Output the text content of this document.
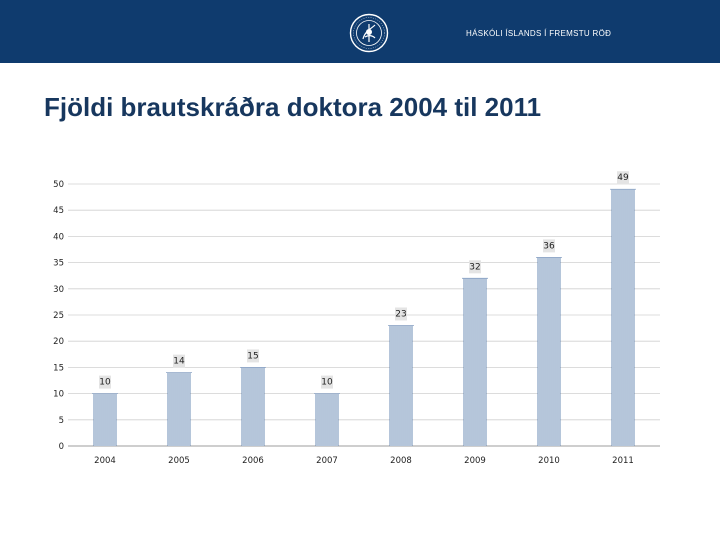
HÁSKÓLI ÍSLANDS Í FREMSTU RÖÐ
Fjöldi brautskráðra doktora 2004 til 2011
0
5
10
15
20
25
30
35
40
45
50
10
14
15
10
23
32
36
49
2004	2005	2006	2007	2008	2009	2010	2011
